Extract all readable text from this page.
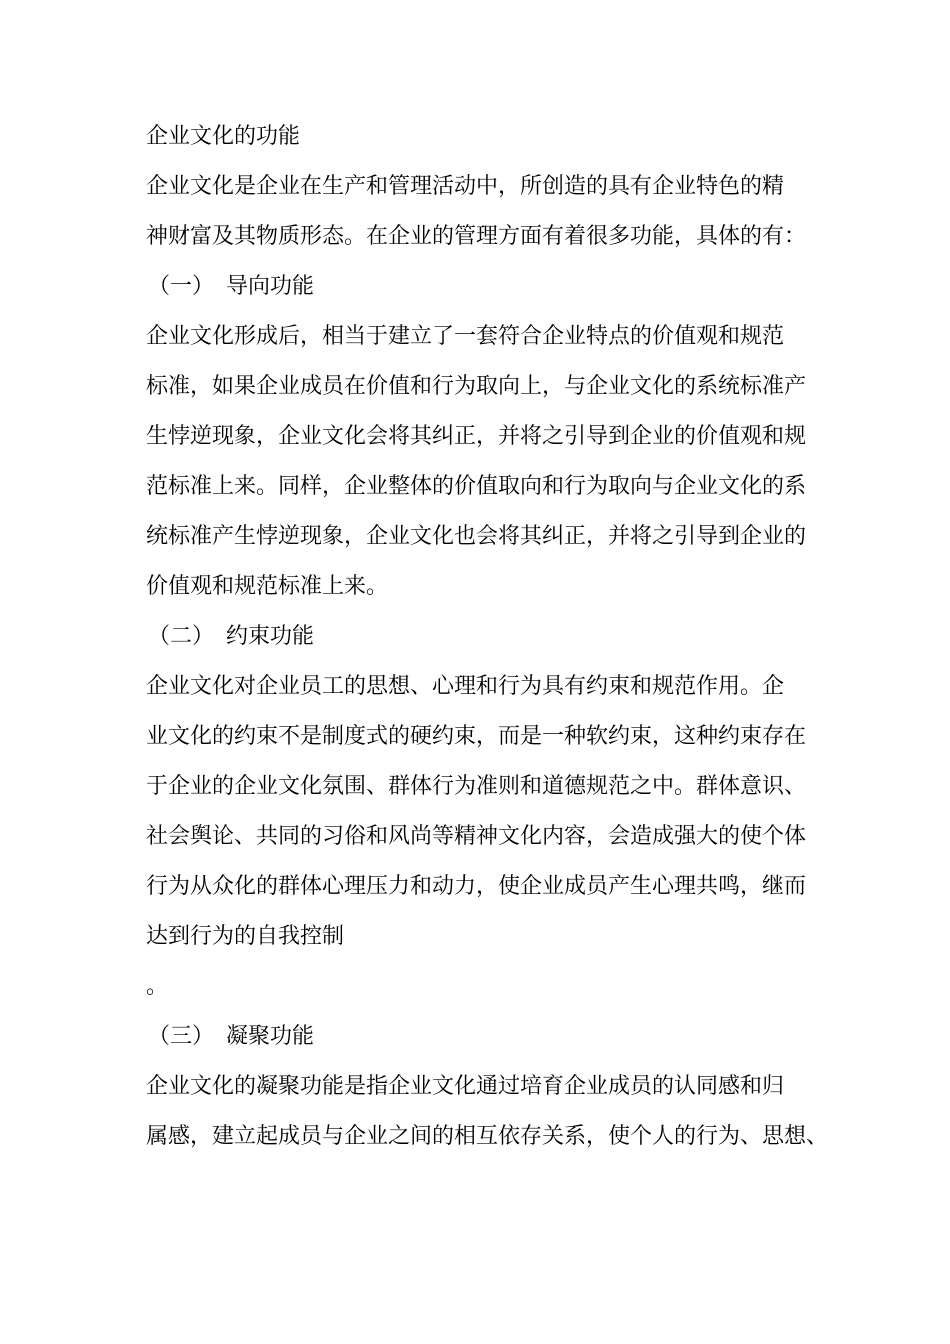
企业文化的功能
企业文化是企业在生产和管理活动中，所创造的具有企业特色的精
神财富及其物质形态。在企业的管理方面有着很多功能，具体的有：
（一） 导向功能
企业文化形成后，相当于建立了一套符合企业特点的价值观和规范
标准，如果企业成员在价值和行为取向上，与企业文化的系统标准产
生悖逆现象，企业文化会将其纠正，并将之引导到企业的价值观和规
范标准上来。同样，企业整体的价值取向和行为取向与企业文化的系
统标准产生悖逆现象，企业文化也会将其纠正，并将之引导到企业的
价值观和规范标准上来。
（二） 约束功能
企业文化对企业员工的思想、心理和行为具有约束和规范作用。企
业文化的约束不是制度式的硬约束，而是一种软约束，这种约束存在
于企业的企业文化氛围、群体行为准则和道德规范之中。群体意识、
社会舆论、共同的习俗和风尚等精神文化内容，会造成强大的使个体
行为从众化的群体心理压力和动力，使企业成员产生心理共鸣，继而
达到行为的自我控制
。
（三） 凝聚功能
企业文化的凝聚功能是指企业文化通过培育企业成员的认同感和归
属感，建立起成员与企业之间的相互依存关系，使个人的行为、思想、
